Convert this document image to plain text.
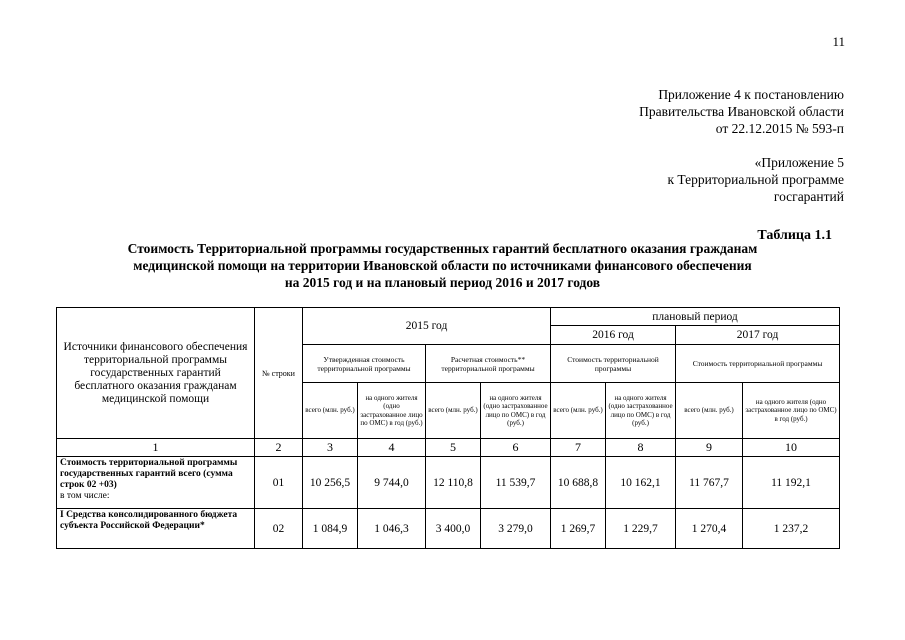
11
Приложение 4 к постановлению
Правительства Ивановской области
от 22.12.2015 № 593-п
«Приложение 5
к Территориальной программе
госгарантий
Таблица 1.1
Стоимость Территориальной программы государственных гарантий бесплатного оказания гражданам
медицинской помощи на территории Ивановской области по источниками финансового обеспечения
на 2015 год и на плановый период 2016 и 2017 годов
Источники финансового обеспечения территориальной программы государственных гарантий бесплатного оказания гражданам медицинской помощи	№ строки	2015 год				плановый период			
						2016 год		2017 год	
		Утвержденная стоимость территориальной программы		Расчетная стоимость** территориальной программы		Стоимость территориальной программы		Стоимость территориальной программы	
		всего (млн. руб.)	на одного жителя (одно застрахованное лицо по ОМС) в год (руб.)	всего (млн. руб.)	на одного жителя (одно застрахованное лицо по ОМС) в год (руб.)	всего (млн. руб.)	на одного жителя (одно застрахованное лицо по ОМС) в год (руб.)	всего (млн. руб.)	на одного жителя (одно застрахованное лицо по ОМС) в год (руб.)
1	2	3	4	5	6	7	8	9	10
Стоимость территориальной программы государственных гарантий всего (сумма строк 02 +03)
в том числе:	01	10 256,5	9 744,0	12 110,8	11 539,7	10 688,8	10 162,1	11 767,7	11 192,1
I Средства консолидированного бюджета субъекта Российской Федерации*	02	1 084,9	1 046,3	3 400,0	3 279,0	1 269,7	1 229,7	1 270,4	1 237,2
